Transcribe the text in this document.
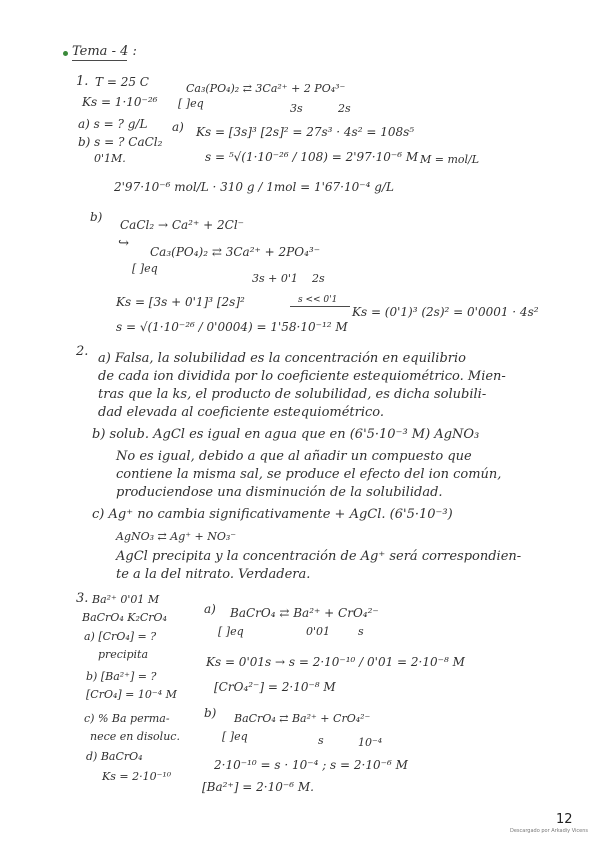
Tema - 4 :
1. T = 25 C
Ks = 1·10⁻²⁶
Ca₃(PO₄)₂ ⇄ 3Ca²⁺ + 2 PO₄³⁻
[ ]eq	3s	2s
a) s = ? g/L
b) s = ? CaCl₂
0'1M.
a) Ks = [3s]³ [2s]² = 27s³ · 4s² = 108s⁵
s = ⁵√(1·10⁻²⁶ / 108) = 2'97·10⁻⁶ M M = mol/L
2'97·10⁻⁶ mol/L · 310 g / 1mol = 1'67·10⁻⁴ g/L
b)
CaCl₂ → Ca²⁺ + 2Cl⁻
↪
Ca₃(PO₄)₂ ⇄ 3Ca²⁺ + 2PO₄³⁻
[ ]eq
3s + 0'1 2s
Ks = [3s + 0'1]³ [2s]²	s << 0'1
Ks = (0'1)³ (2s)² = 0'0001 · 4s²
s = √(1·10⁻²⁶ / 0'0004) = 1'58·10⁻¹² M
2. a) Falsa, la solubilidad es la concentración en equilibrio
de cada ion dividida por lo coeficiente estequiométrico. Mien-
tras que la ks, el producto de solubilidad, es dicha solubili-
dad elevada al coeficiente estequiométrico.
b) solub. AgCl es igual en agua que en (6'5·10⁻³ M) AgNO₃
No es igual, debido a que al añadir un compuesto que
contiene la misma sal, se produce el efecto del ion común,
produciendose una disminución de la solubilidad.
c) Ag⁺ no cambia significativamente + AgCl. (6'5·10⁻³)
AgNO₃ ⇄ Ag⁺ + NO₃⁻
AgCl precipita y la concentración de Ag⁺ será correspondien-
te a la del nitrato. Verdadera.
3. Ba²⁺ 0'01 M
BaCrO₄ K₂CrO₄
a) [CrO₄] = ?
precipita
b) [Ba²⁺] = ?
[CrO₄] = 10⁻⁴ M
c) % Ba perma-
nece en disoluc.
d) BaCrO₄
Ks = 2·10⁻¹⁰
a) BaCrO₄ ⇄ Ba²⁺ + CrO₄²⁻
[ ]eq	0'01	s
Ks = 0'01s → s = 2·10⁻¹⁰ / 0'01 = 2·10⁻⁸ M
[CrO₄²⁻] = 2·10⁻⁸ M
b) BaCrO₄ ⇄ Ba²⁺ + CrO₄²⁻
[ ]eq	s	10⁻⁴
2·10⁻¹⁰ = s · 10⁻⁴ ; s = 2·10⁻⁶ M
[Ba²⁺] = 2·10⁻⁶ M.
12
Descargado por Arkadiy Vicens
